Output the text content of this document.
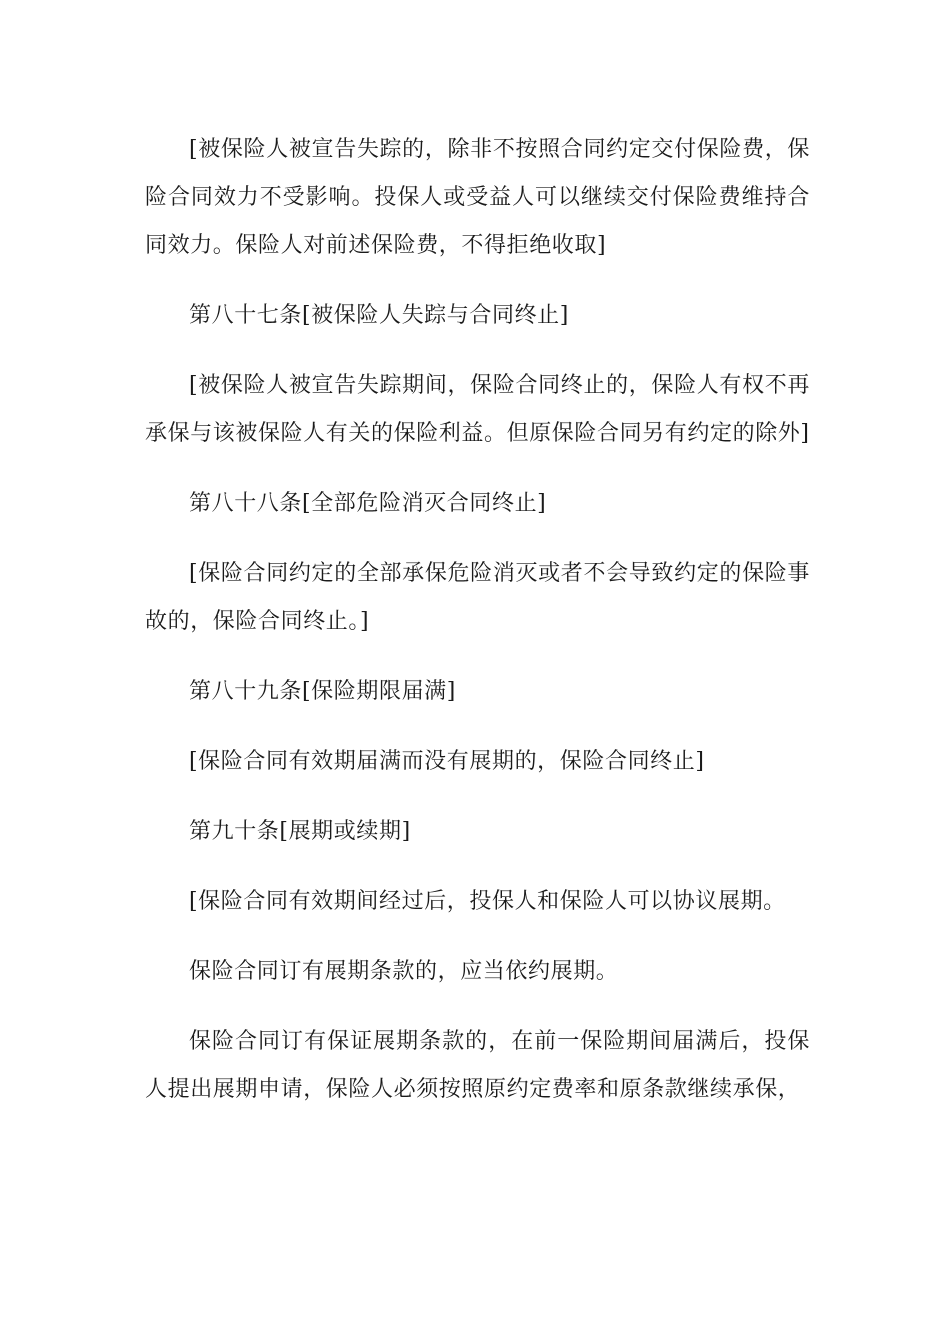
[被保险人被宣告失踪的，除非不按照合同约定交付保险费，保险合同效力不受影响。投保人或受益人可以继续交付保险费维持合同效力。保险人对前述保险费，不得拒绝收取]

第八十七条[被保险人失踪与合同终止]

[被保险人被宣告失踪期间，保险合同终止的，保险人有权不再承保与该被保险人有关的保险利益。但原保险合同另有约定的除外]

第八十八条[全部危险消灭合同终止]

[保险合同约定的全部承保危险消灭或者不会导致约定的保险事故的，保险合同终止。]

第八十九条[保险期限届满]

[保险合同有效期届满而没有展期的，保险合同终止]

第九十条[展期或续期]

[保险合同有效期间经过后，投保人和保险人可以协议展期。

保险合同订有展期条款的，应当依约展期。

保险合同订有保证展期条款的，在前一保险期间届满后，投保人提出展期申请，保险人必须按照原约定费率和原条款继续承保，
